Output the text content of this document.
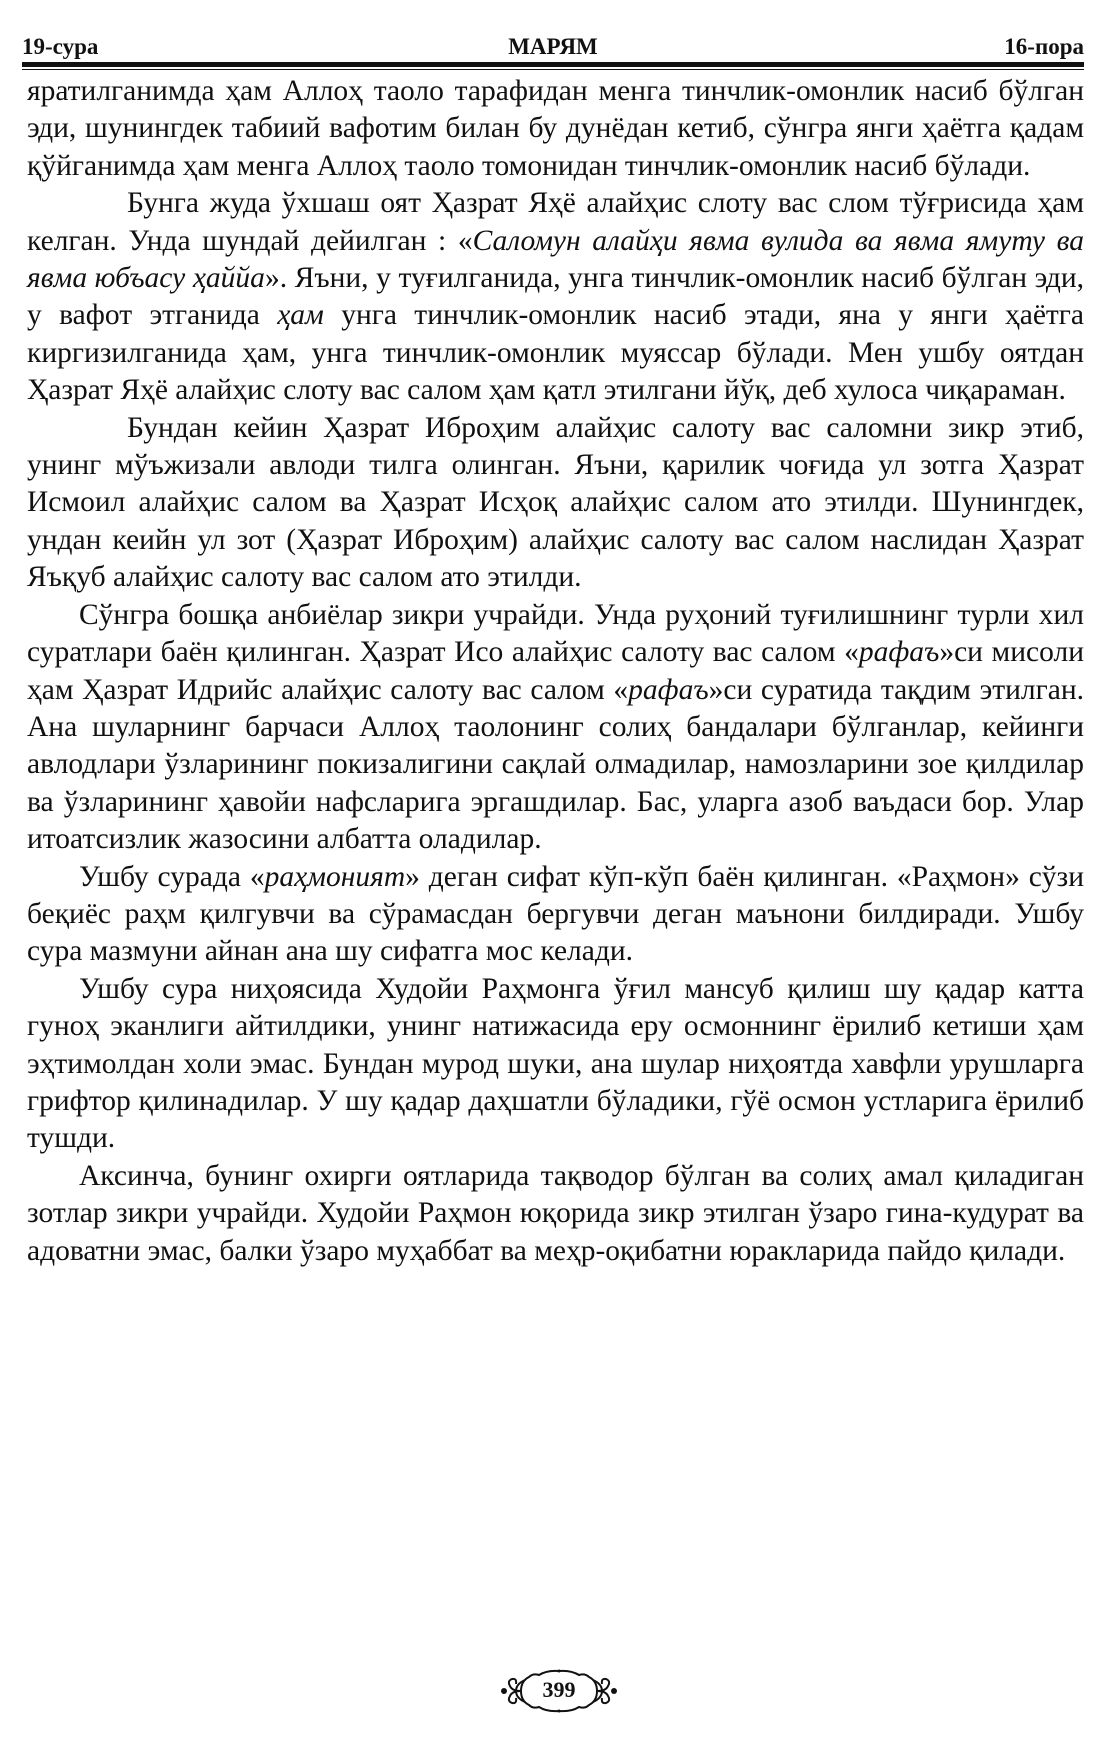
19-сура	МАРЯМ	16-пора

яратилганимда ҳам Аллоҳ таоло тарафидан менга тинчлик-омонлик насиб бўлган эди, шунингдек табиий вафотим билан бу дунёдан кетиб, сўнгра янги ҳаётга қадам қўйганимда ҳам менга Аллоҳ таоло томонидан тинчлик-омонлик насиб бўлади.

Бунга жуда ўхшаш оят Ҳазрат Яҳё алайҳис слоту вас слом тўғрисида ҳам келган. Унда шундай дейилган : «Саломун алайҳи явма вулида ва явма ямуту ва явма юбъасу ҳаййа». Яъни, у туғилганида, унга тинчлик-омонлик насиб бўлган эди, у вафот этганида ҳам унга тинчлик-омонлик насиб этади, яна у янги ҳаётга киргизилганида ҳам, унга тинчлик-омонлик муяссар бўлади. Мен ушбу оятдан Ҳазрат Яҳё алайҳис слоту вас салом ҳам қатл этилгани йўқ, деб хулоса чиқараман.

Бундан кейин Ҳазрат Иброҳим алайҳис салоту вас саломни зикр этиб, унинг мўъжизали авлоди тилга олинган. Яъни, қарилик чоғида ул зотга Ҳазрат Исмоил алайҳис салом ва Ҳазрат Исҳоқ алайҳис салом ато этилди. Шунингдек, ундан кеийн ул зот (Ҳазрат Иброҳим) алайҳис салоту вас салом наслидан Ҳазрат Яъқуб алайҳис салоту вас салом ато этилди.

Сўнгра бошқа анбиёлар зикри учрайди. Унда руҳоний туғилишнинг турли хил суратлари баён қилинган. Ҳазрат Исо алайҳис салоту вас салом «рафаъ»си мисоли ҳам Ҳазрат Идрийс алайҳис салоту вас салом «рафаъ»си суратида тақдим этилган. Ана шуларнинг барчаси Аллоҳ таолонинг солиҳ бандалари бўлганлар, кейинги авлодлари ўзларининг покизалигини сақлай олмадилар, намозларини зое қилдилар ва ўзларининг ҳавойи нафсларига эргашдилар. Бас, уларга азоб ваъдаси бор. Улар итоатсизлик жазосини албатта оладилар.

Ушбу сурада «раҳмоният» деган сифат кўп-кўп баён қилинган. «Раҳмон» сўзи беқиёс раҳм қилгувчи ва сўрамасдан бергувчи деган маънони билдиради. Ушбу сура мазмуни айнан ана шу сифатга мос келади.

Ушбу сура ниҳоясида Худойи Раҳмонга ўғил мансуб қилиш шу қадар катта гуноҳ эканлиги айтилдики, унинг натижасида еру осмоннинг ёрилиб кетиши ҳам эҳтимолдан холи эмас. Бундан мурод шуки, ана шулар ниҳоятда хавфли урушларга грифтор қилинадилар. У шу қадар даҳшатли бўладики, гўё осмон устларига ёрилиб тушди.

Аксинча, бунинг охирги оятларида тақводор бўлган ва солиҳ амал қиладиган зотлар зикри учрайди. Худойи Раҳмон юқорида зикр этилган ўзаро гина-кудурат ва адоватни эмас, балки ўзаро муҳаббат ва меҳр-оқибатни юракларида пайдо қилади.

399
